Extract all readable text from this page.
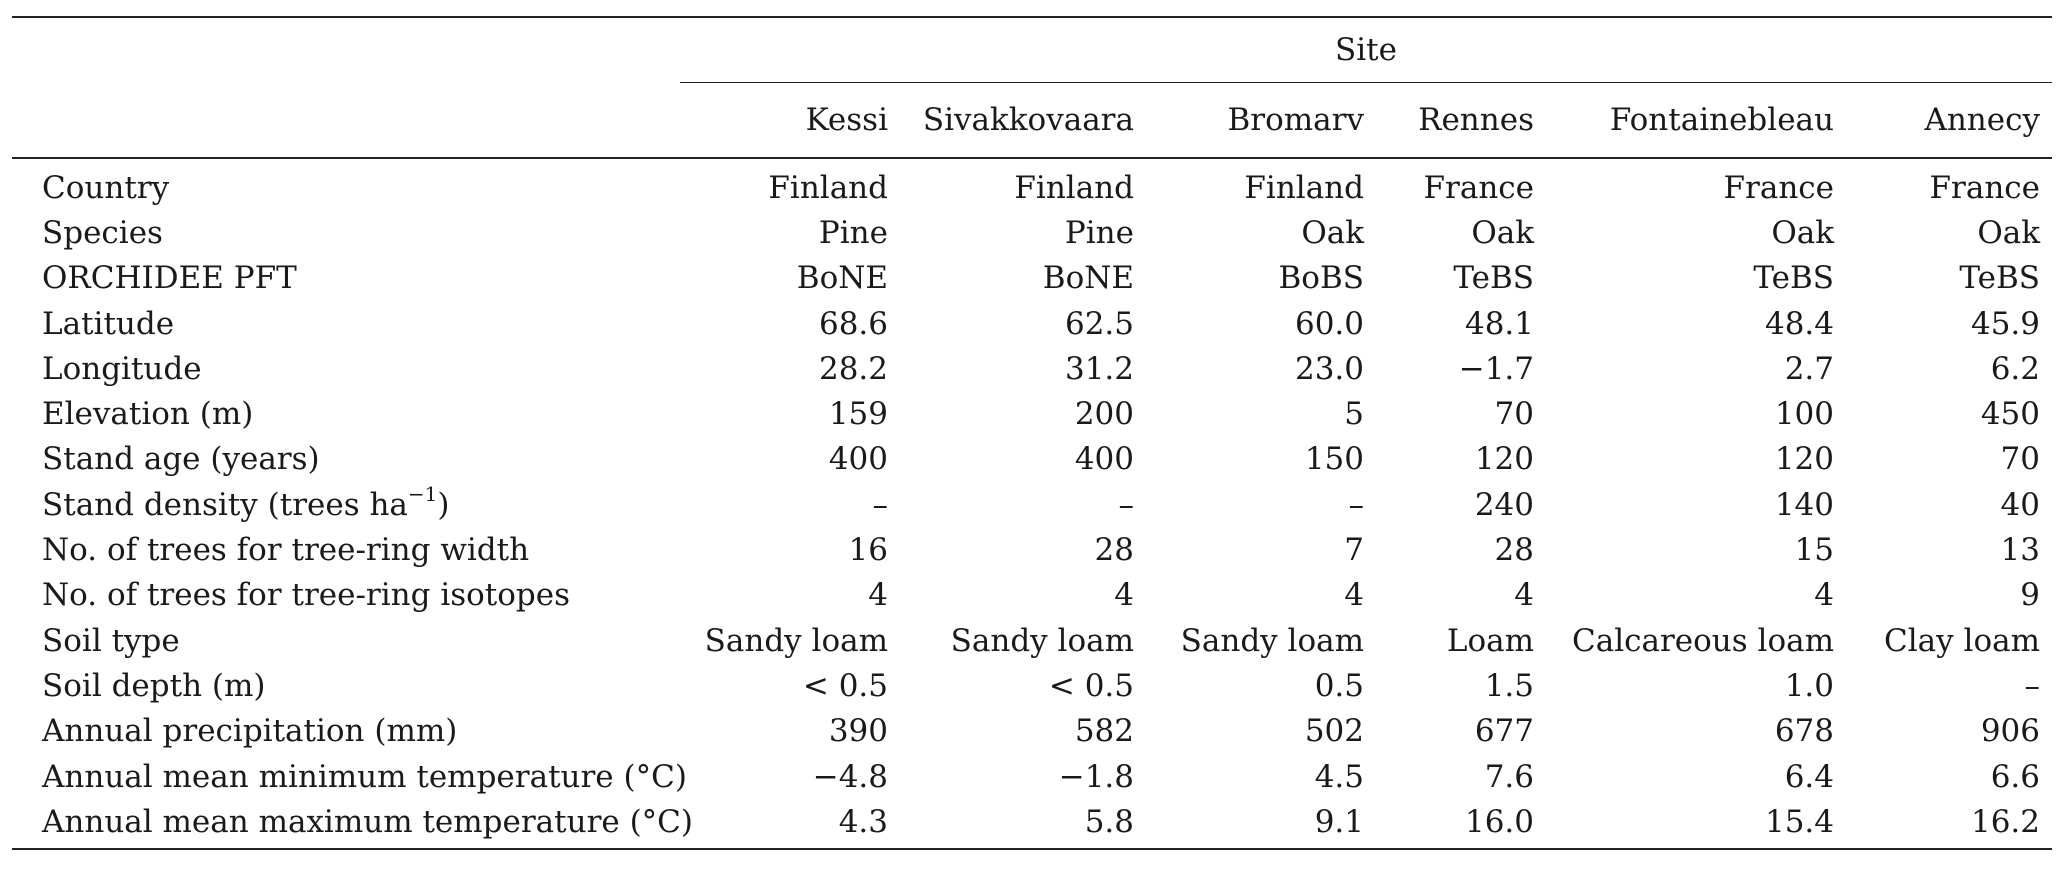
	Site					
	Kessi	Sivakkovaara	Bromarv	Rennes	Fontainebleau	Annecy
Country	Finland	Finland	Finland	France	France	France
Species	Pine	Pine	Oak	Oak	Oak	Oak
ORCHIDEE PFT	BoNE	BoNE	BoBS	TeBS	TeBS	TeBS
Latitude	68.6	62.5	60.0	48.1	48.4	45.9
Longitude	28.2	31.2	23.0	−1.7	2.7	6.2
Elevation (m)	159	200	5	70	100	450
Stand age (years)	400	400	150	120	120	70
Stand density (trees $ha^{-1}$)	–	–	–	240	140	40
No. of trees for tree-ring width	16	28	7	28	15	13
No. of trees for tree-ring isotopes	4	4	4	4	4	9
Soil type	Sandy loam	Sandy loam	Sandy loam	Loam	Calcareous loam	Clay loam
Soil depth (m)	< 0.5	< 0.5	0.5	1.5	1.0	–
Annual precipitation (mm)	390	582	502	677	678	906
Annual mean minimum temperature (°C)	−4.8	−1.8	4.5	7.6	6.4	6.6
Annual mean maximum temperature (°C)	4.3	5.8	9.1	16.0	15.4	16.2
